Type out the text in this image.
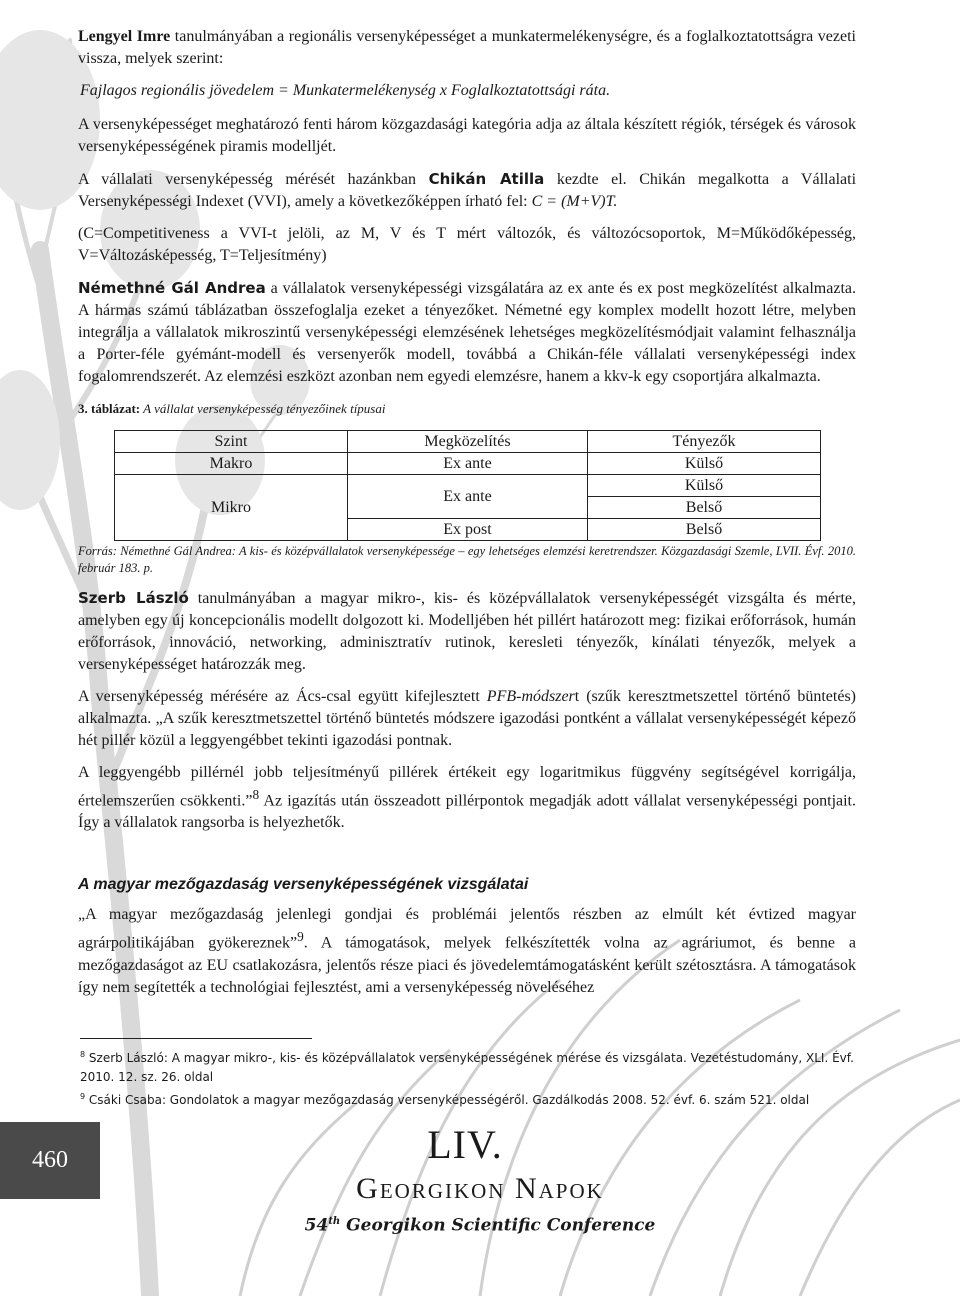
Lengyel Imre tanulmányában a regionális versenyképességet a munkatermelékenységre, és a foglalkoztatottságra vezeti vissza, melyek szerint:

Fajlagos regionális jövedelem = Munkatermelékenység x Foglalkoztatottsági ráta.

A versenyképességet meghatározó fenti három közgazdasági kategória adja az általa készített régiók, térségek és városok versenyképességének piramis modelljét.

A vállalati versenyképesség mérését hazánkban Chikán Atilla kezdte el. Chikán megalkotta a Vállalati Versenyképességi Indexet (VVI), amely a következőképpen írható fel: C = (M+V)T.

(C=Competitiveness a VVI-t jelöli, az M, V és T mért változók, és változócsoportok, M=Működőképesség, V=Változásképesség, T=Teljesítmény)

Némethné Gál Andrea a vállalatok versenyképességi vizsgálatára az ex ante és ex post megközelítést alkalmazta. A hármas számú táblázatban összefoglalja ezeket a tényezőket. Németné egy komplex modellt hozott létre, melyben integrálja a vállalatok mikroszintű versenyképességi elemzésének lehetséges megközelítésmódjait valamint felhasználja a Porter-féle gyémánt-modell és versenyerők modell, továbbá a Chikán-féle vállalati versenyképességi index fogalomrendszerét. Az elemzési eszközt azonban nem egyedi elemzésre, hanem a kkv-k egy csoportjára alkalmazta.

3. táblázat: A vállalat versenyképesség tényezőinek típusai
Szint	Megközelítés	Tényezők
Makro	Ex ante	Külső
Mikro	Ex ante	Külső
		Belső
	Ex post	Belső

Forrás: Némethné Gál Andrea: A kis- és középvállalatok versenyképessége – egy lehetséges elemzési keretrendszer. Közgazdasági Szemle, LVII. Évf. 2010. február 183. p.

Szerb László tanulmányában a magyar mikro-, kis- és középvállalatok versenyképességét vizsgálta és mérte, amelyben egy új koncepcionális modellt dolgozott ki. Modelljében hét pillért határozott meg: fizikai erőforrások, humán erőforrások, innováció, networking, adminisztratív rutinok, keresleti tényezők, kínálati tényezők, melyek a versenyképességet határozzák meg.

A versenyképesség mérésére az Ács-csal együtt kifejlesztett PFB-módszert (szűk keresztmetszettel történő büntetés) alkalmazta. „A szűk keresztmetszettel történő büntetés módszere igazodási pontként a vállalat versenyképességét képező hét pillér közül a leggyengébbet tekinti igazodási pontnak.

A leggyengébb pillérnél jobb teljesítményű pillérek értékeit egy logaritmikus függvény segítségével korrigálja, értelemszerűen csökkenti.”$^8$ Az igazítás után összeadott pillérpontok megadják adott vállalat versenyképességi pontjait. Így a vállalatok rangsorba is helyezhetők.

A magyar mezőgazdaság versenyképességének vizsgálatai

„A magyar mezőgazdaság jelenlegi gondjai és problémái jelentős részben az elmúlt két évtized magyar agrárpolitikájában gyökereznek”$^9$. A támogatások, melyek felkészítették volna az agráriumot, és benne a mezőgazdaságot az EU csatlakozásra, jelentős része piaci és jövedelemtámogatásként került szétosztásra. A támogatások így nem segítették a technológiai fejlesztést, ami a versenyképesség növeléséhez

$^8$ Szerb László: A magyar mikro-, kis- és középvállalatok versenyképességének mérése és vizsgálata. Vezetéstudomány, XLI. Évf. 2010. 12. sz. 26. oldal
$^9$ Csáki Csaba: Gondolatok a magyar mezőgazdaság versenyképességéről. Gazdálkodás 2008. 52. évf. 6. szám 521. oldal
460	LIV.
Georgikon Napok
54th Georgikon Scientific Conference
